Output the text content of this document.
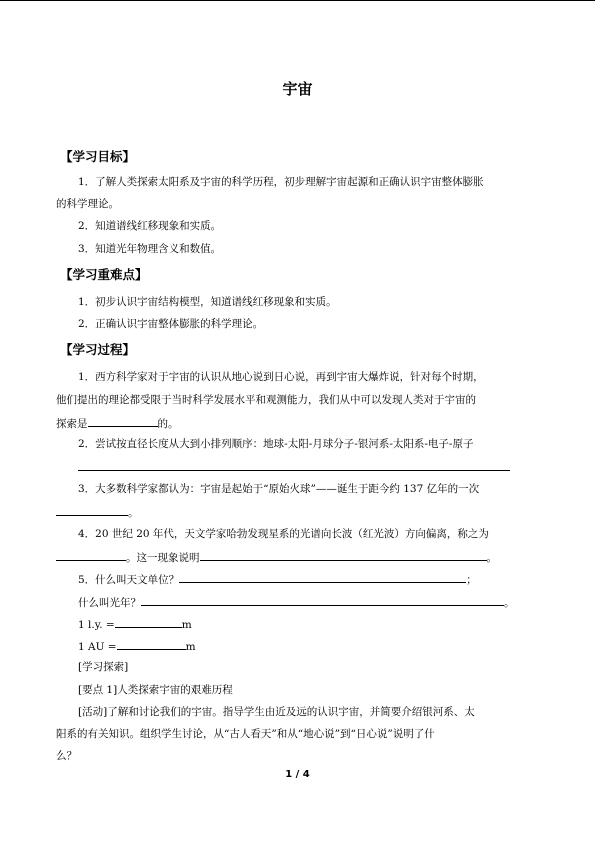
宇宙
【学习目标】
1．了解人类探索太阳系及宇宙的科学历程，初步理解宇宙起源和正确认识宇宙整体膨胀
的科学理论。
2．知道谱线红移现象和实质。
3．知道光年物理含义和数值。
【学习重难点】
1．初步认识宇宙结构模型，知道谱线红移现象和实质。
2．正确认识宇宙整体膨胀的科学理论。
【学习过程】
1．西方科学家对于宇宙的认识从地心说到日心说，再到宇宙大爆炸说，针对每个时期，
他们提出的理论都受限于当时科学发展水平和观测能力，我们从中可以发现人类对于宇宙的
探索是	的。
2．尝试按直径长度从大到小排列顺序：地球-太阳-月球分子-银河系-太阳系-电子-原子
3．大多数科学家都认为：宇宙是起始于“原始火球”——诞生于距今约 137 亿年的一次
。
4．20 世纪 20 年代，天文学家哈勃发现星系的光谱向长波（红光波）方向偏离，称之为
。这一现象说明	。
5．什么叫天文单位？	；
什么叫光年？	。
1 l.y. =	m
1 AU =	m
[学习探索]
[要点 1]人类探索宇宙的艰难历程
[活动]了解和讨论我们的宇宙。指导学生由近及远的认识宇宙，并简要介绍银河系、太
阳系的有关知识。组织学生讨论，从“古人看天”和从“地心说”到“日心说”说明了什
么？
1 / 4
